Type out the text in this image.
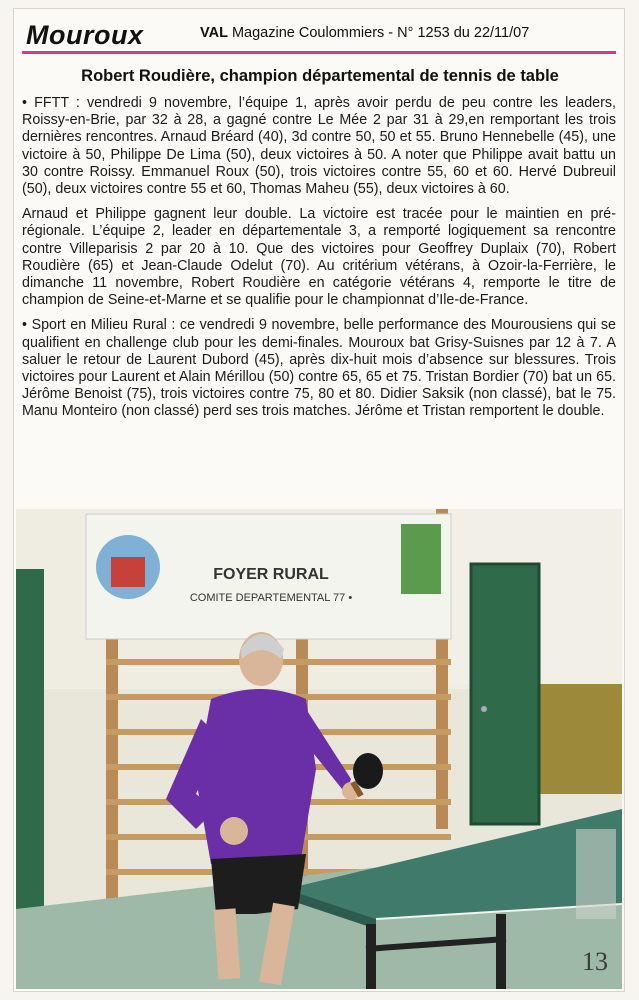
Mouroux	VAL Magazine Coulommiers - N° 1253 du 22/11/07
Robert Roudière, champion départemental de tennis de table

• FFTT : vendredi 9 novembre, l’équipe 1, après avoir perdu de peu contre les leaders, Roissy-en-Brie, par 32 à 28, a gagné contre Le Mée 2 par 31 à 29,en remportant les trois dernières rencontres. Arnaud Bréard (40), 3d contre 50, 50 et 55. Bruno Hennebelle (45), une victoire à 50, Philippe De Lima (50), deux victoires à 50. A noter que Philippe avait battu un 30 contre Roissy. Emmanuel Roux (50), trois victoires contre 55, 60 et 60. Hervé Dubreuil (50), deux victoires contre 55 et 60, Thomas Maheu (55), deux victoires à 60.

Arnaud et Philippe gagnent leur double. La victoire est tracée pour le maintien en pré-régionale. L’équipe 2, leader en départementale 3, a remporté logiquement sa rencontre contre Villeparisis 2 par 20 à 10. Que des victoires pour Geoffrey Duplaix (70), Robert Roudière (65) et Jean-Claude Odelut (70). Au critérium vétérans, à Ozoir-la-Ferrière, le dimanche 11 novembre, Robert Roudière en catégorie vétérans 4, remporte le titre de champion de Seine-et-Marne et se qualifie pour le championnat d’Ile-de-France.

• Sport en Milieu Rural : ce vendredi 9 novembre, belle performance des Mourousiens qui se qualifient en challenge club pour les demi-finales. Mouroux bat Grisy-Suisnes par 12 à 7. A saluer le retour de Laurent Dubord (45), après dix-huit mois d’absence sur blessures. Trois victoires pour Laurent et Alain Mérillou (50) contre 65, 65 et 75. Tristan Bordier (70) bat un 65. Jérôme Benoist (75), trois victoires contre 75, 80 et 80. Didier Saksik (non classé), bat le 75. Manu Monteiro (non classé) perd ses trois matches. Jérôme et Tristan remportent le double.

FOYER RURAL
COMITE DEPARTEMENTAL 77 •
13
